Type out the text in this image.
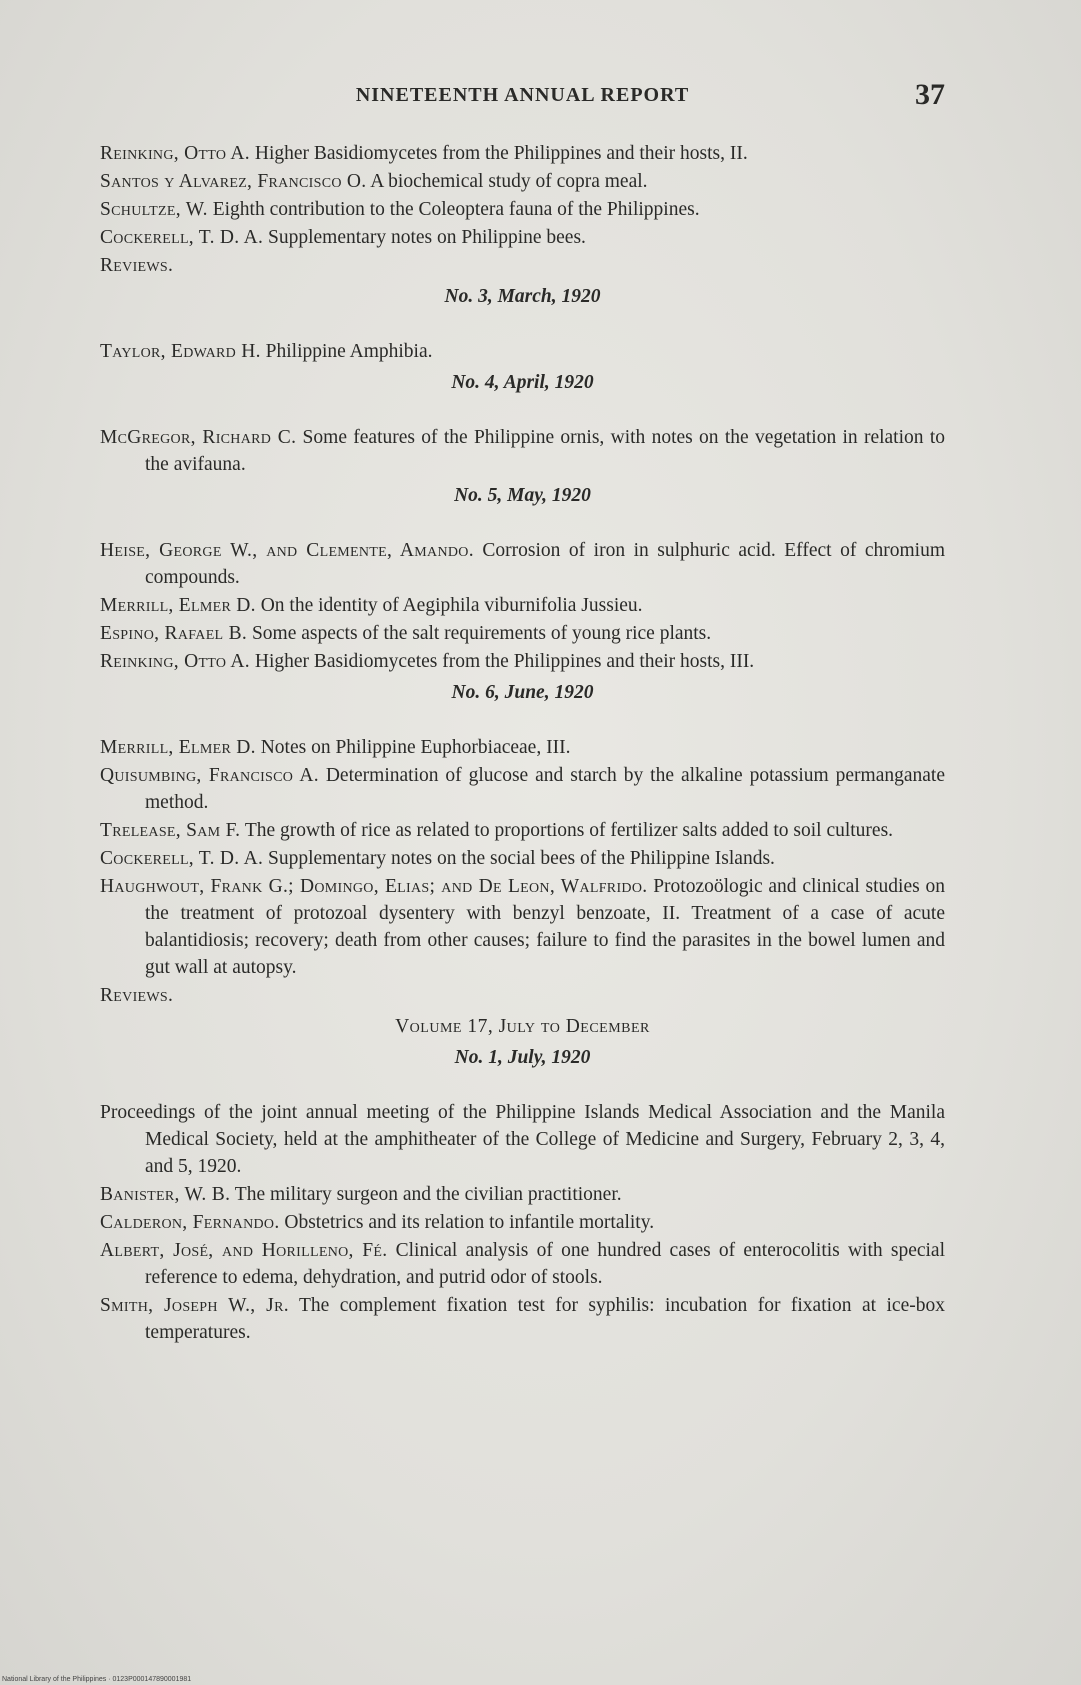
NINETEENTH ANNUAL REPORT	37

Reinking, Otto A. Higher Basidiomycetes from the Philippines and their hosts, II.

Santos y Alvarez, Francisco O. A biochemical study of copra meal.

Schultze, W. Eighth contribution to the Coleoptera fauna of the Philippines.

Cockerell, T. D. A. Supplementary notes on Philippine bees.

Reviews.

No. 3, March, 1920

Taylor, Edward H. Philippine Amphibia.

No. 4, April, 1920

McGregor, Richard C. Some features of the Philippine ornis, with notes on the vegetation in relation to the avifauna.

No. 5, May, 1920

Heise, George W., and Clemente, Amando. Corrosion of iron in sulphuric acid. Effect of chromium compounds.

Merrill, Elmer D. On the identity of Aegiphila viburnifolia Jussieu.

Espino, Rafael B. Some aspects of the salt requirements of young rice plants.

Reinking, Otto A. Higher Basidiomycetes from the Philippines and their hosts, III.

No. 6, June, 1920

Merrill, Elmer D. Notes on Philippine Euphorbiaceae, III.

Quisumbing, Francisco A. Determination of glucose and starch by the alkaline potassium permanganate method.

Trelease, Sam F. The growth of rice as related to proportions of fertilizer salts added to soil cultures.

Cockerell, T. D. A. Supplementary notes on the social bees of the Philippine Islands.

Haughwout, Frank G.; Domingo, Elias; and De Leon, Walfrido. Protozoölogic and clinical studies on the treatment of protozoal dysentery with benzyl benzoate, II. Treatment of a case of acute balantidiosis; recovery; death from other causes; failure to find the parasites in the bowel lumen and gut wall at autopsy.

Reviews.

Volume 17, July to December
No. 1, July, 1920

Proceedings of the joint annual meeting of the Philippine Islands Medical Association and the Manila Medical Society, held at the amphitheater of the College of Medicine and Surgery, February 2, 3, 4, and 5, 1920.

Banister, W. B. The military surgeon and the civilian practitioner.

Calderon, Fernando. Obstetrics and its relation to infantile mortality.

Albert, José, and Horilleno, Fé. Clinical analysis of one hundred cases of enterocolitis with special reference to edema, dehydration, and putrid odor of stools.

Smith, Joseph W., Jr. The complement fixation test for syphilis: incubation for fixation at ice-box temperatures.

National Library of the Philippines · 0123P000147890001981
